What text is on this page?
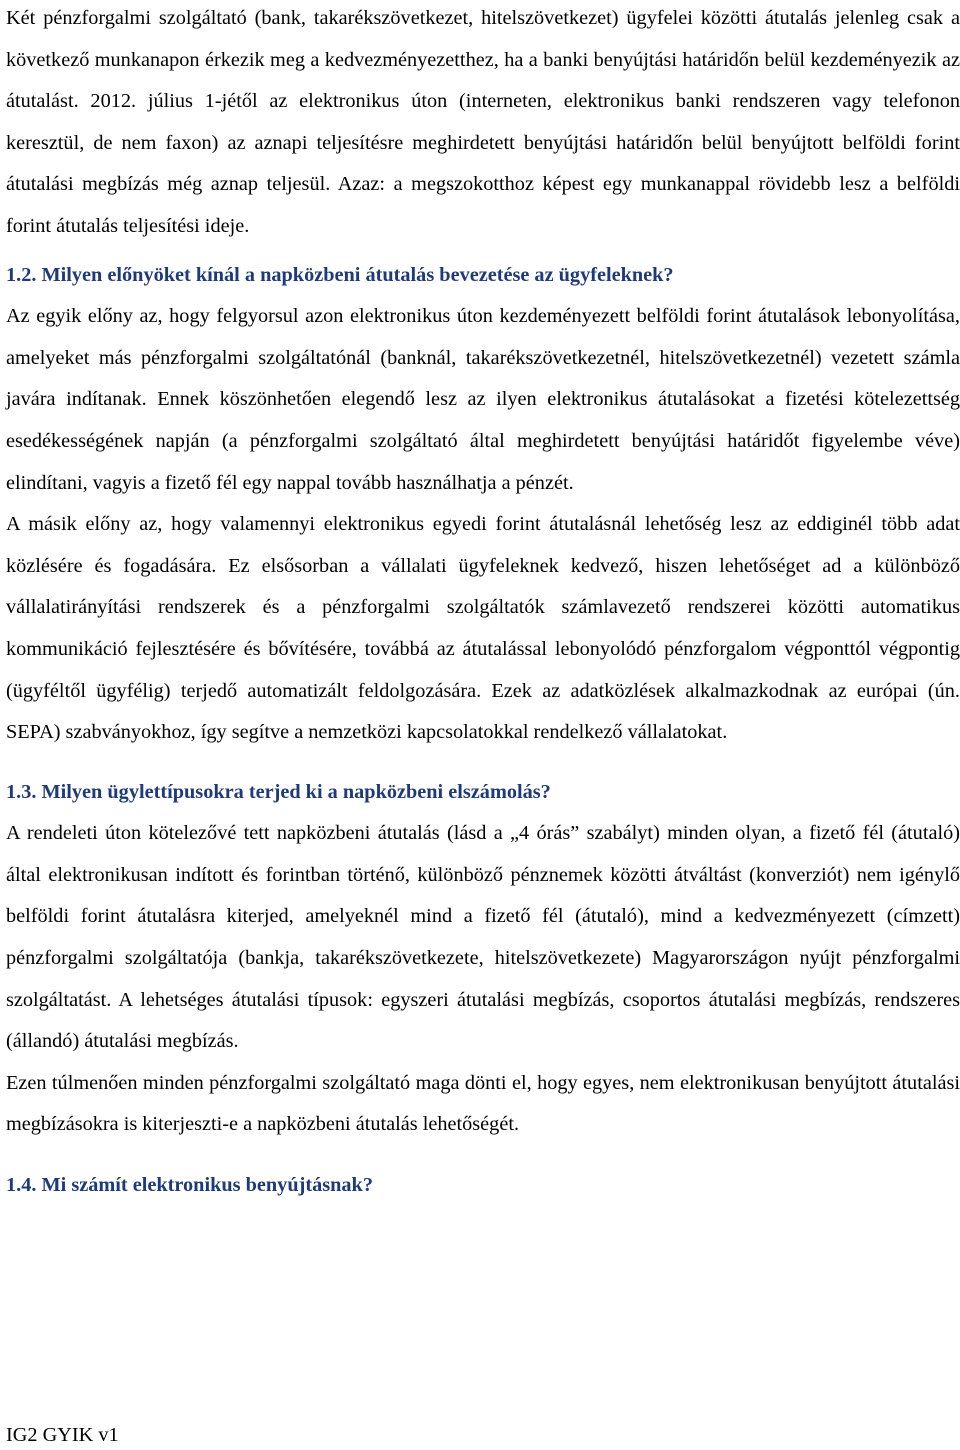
Két pénzforgalmi szolgáltató (bank, takarékszövetkezet, hitelszövetkezet) ügyfelei közötti átutalás jelenleg csak a következő munkanapon érkezik meg a kedvezményezetthez, ha a banki benyújtási határidőn belül kezdeményezik az átutalást. 2012. július 1-jétől az elektronikus úton (interneten, elektronikus banki rendszeren vagy telefonon keresztül, de nem faxon) az aznapi teljesítésre meghirdetett benyújtási határidőn belül benyújtott belföldi forint átutalási megbízás még aznap teljesül. Azaz: a megszokotthoz képest egy munkanappal rövidebb lesz a belföldi forint átutalás teljesítési ideje.

1.2. Milyen előnyöket kínál a napközbeni átutalás bevezetése az ügyfeleknek?

Az egyik előny az, hogy felgyorsul azon elektronikus úton kezdeményezett belföldi forint átutalások lebonyolítása, amelyeket más pénzforgalmi szolgáltatónál (banknál, takarékszövetkezetnél, hitelszövetkezetnél) vezetett számla javára indítanak. Ennek köszönhetően elegendő lesz az ilyen elektronikus átutalásokat a fizetési kötelezettség esedékességének napján (a pénzforgalmi szolgáltató által meghirdetett benyújtási határidőt figyelembe véve) elindítani, vagyis a fizető fél egy nappal tovább használhatja a pénzét.

A másik előny az, hogy valamennyi elektronikus egyedi forint átutalásnál lehetőség lesz az eddiginél több adat közlésére és fogadására. Ez elsősorban a vállalati ügyfeleknek kedvező, hiszen lehetőséget ad a különböző vállalatirányítási rendszerek és a pénzforgalmi szolgáltatók számlavezető rendszerei közötti automatikus kommunikáció fejlesztésére és bővítésére, továbbá az átutalással lebonyolódó pénzforgalom végponttól végpontig (ügyféltől ügyfélig) terjedő automatizált feldolgozására. Ezek az adatközlések alkalmazkodnak az európai (ún. SEPA) szabványokhoz, így segítve a nemzetközi kapcsolatokkal rendelkező vállalatokat.

1.3. Milyen ügylettípusokra terjed ki a napközbeni elszámolás?

A rendeleti úton kötelezővé tett napközbeni átutalás (lásd a „4 órás” szabályt) minden olyan, a fizető fél (átutaló) által elektronikusan indított és forintban történő, különböző pénznemek közötti átváltást (konverziót) nem igénylő belföldi forint átutalásra kiterjed, amelyeknél mind a fizető fél (átutaló), mind a kedvezményezett (címzett) pénzforgalmi szolgáltatója (bankja, takarékszövetkezete, hitelszövetkezete) Magyarországon nyújt pénzforgalmi szolgáltatást. A lehetséges átutalási típusok: egyszeri átutalási megbízás, csoportos átutalási megbízás, rendszeres (állandó) átutalási megbízás.

Ezen túlmenően minden pénzforgalmi szolgáltató maga dönti el, hogy egyes, nem elektronikusan benyújtott átutalási megbízásokra is kiterjeszti-e a napközbeni átutalás lehetőségét.

1.4. Mi számít elektronikus benyújtásnak?
IG2 GYIK v1
